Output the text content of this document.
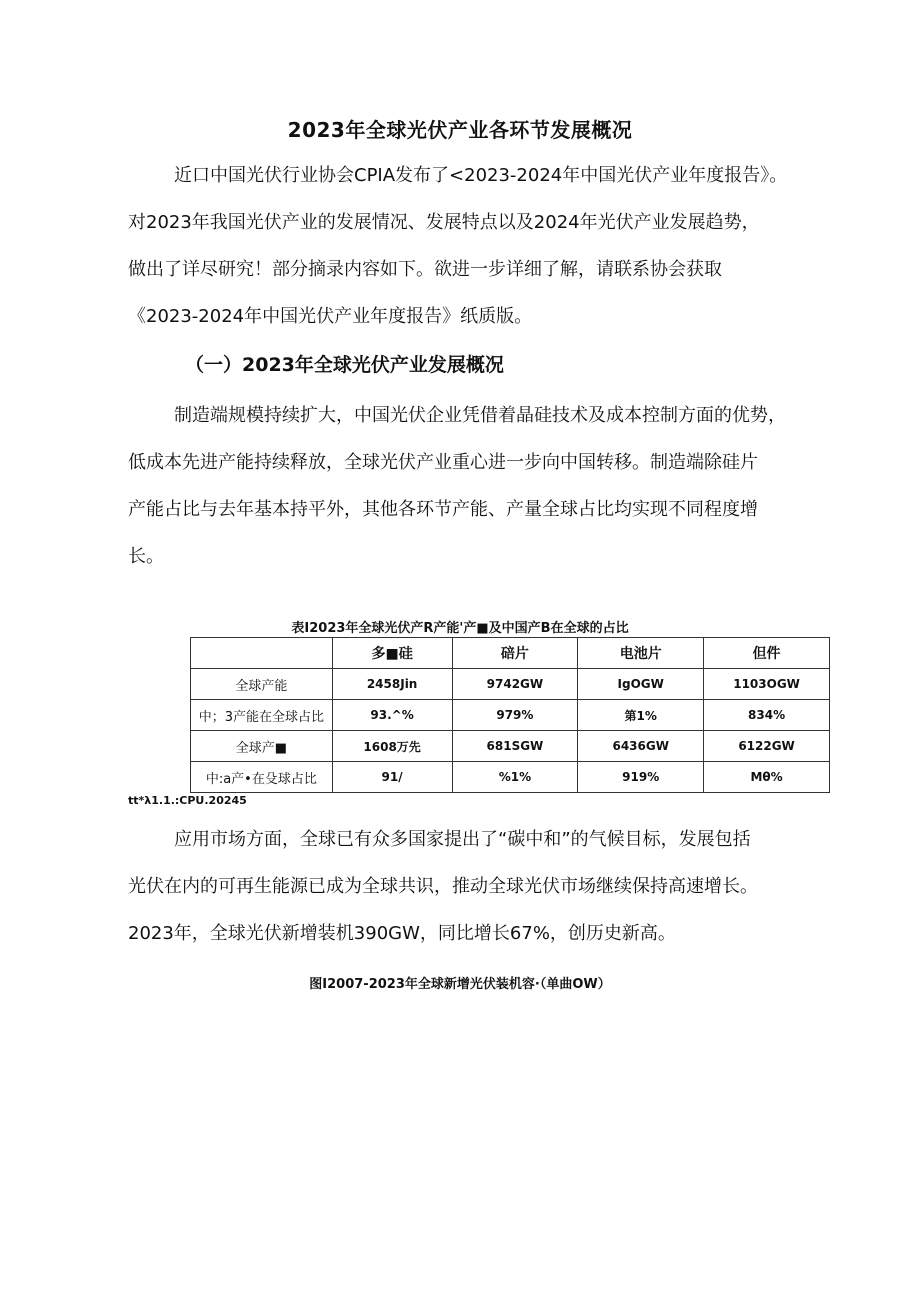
2023年全球光伏产业各环节发展概况
近口中国光伏行业协会CPIA发布了<2023-2024年中国光伏产业年度报告》。
对2023年我国光伏产业的发展情况、发展特点以及2024年光伏产业发展趋势，
做出了详尽研究！部分摘录内容如下。欲进一步详细了解，请联系协会获取
《2023-2024年中国光伏产业年度报告》纸质版。
（一）2023年全球光伏产业发展概况
制造端规模持续扩大，中国光伏企业凭借着晶硅技术及成本控制方面的优势，
低成本先进产能持续释放，全球光伏产业重心进一步向中国转移。制造端除硅片
产能占比与去年基本持平外，其他各环节产能、产量全球占比均实现不同程度增
长。
表I2023年全球光伏产R产能'产■及中国产B在全球的占比
	多■硅	碚片	电池片	但件
全球产能	2458Jin	9742GW	IgOGW	1103OGW
中；3产能在全球占比	93.^%	979%	第1%	834%
全球产■	1608万先	681SGW	6436GW	6122GW
中:a产•在殳球占比	91/	%1%	919%	Mθ%
tt*λ1.1.:CPU.20245
应用市场方面，全球已有众多国家提出了“碳中和”的气候目标，发展包括
光伏在内的可再生能源已成为全球共识，推动全球光伏市场继续保持高速增长。
2023年，全球光伏新增装机390GW，同比增长67%，创历史新高。
图I2007-2023年全球新增光伏装机容·（单曲OW）
